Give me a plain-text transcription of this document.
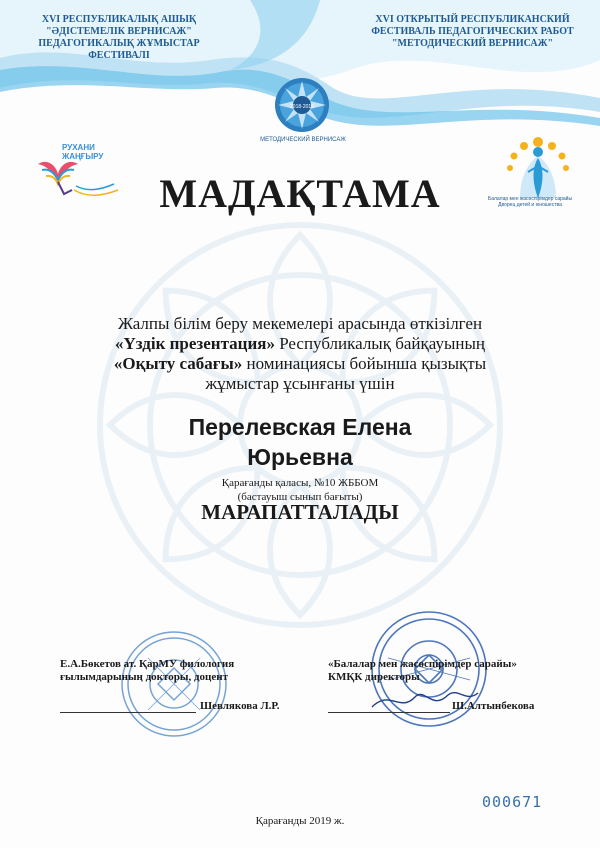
2018-2019
МЕТОДИЧЕСКИЙ ВЕРНИСАЖ
XVI РЕСПУБЛИКАЛЫҚ АШЫҚ
"ӘДІСТЕМЕЛІК ВЕРНИСАЖ"
ПЕДАГОГИКАЛЫҚ ЖҰМЫСТАР ФЕСТИВАЛІ
XVI ОТКРЫТЫЙ РЕСПУБЛИКАНСКИЙ
ФЕСТИВАЛЬ ПЕДАГОГИЧЕСКИХ РАБОТ
"МЕТОДИЧЕСКИЙ ВЕРНИСАЖ"
РУХАНИ
ЖАҢҒЫРУ
Балалар мен жасөспірімдер сарайы
Дворец детей и юношества
МАДАҚТАМА
Жалпы білім беру мекемелері арасында өткізілген
«Үздік презентация» Республикалық байқауының
«Оқыту сабағы» номинациясы бойынша қызықты
жұмыстар ұсынғаны үшін
Перелевская Елена
Юрьевна
Қарағанды қаласы, №10 ЖББОМ
(бастауыш сынып бағыты)
МАРАПАТТАЛАДЫ
Е.А.Бөкетов ат. ҚарМУ филология
ғылымдарының докторы, доцент
Шевлякова Л.Р.
«Балалар мен жасөспірімдер сарайы»
КМҚК директоры
Ш.Алтынбекова
000671
Қарағанды 2019 ж.
